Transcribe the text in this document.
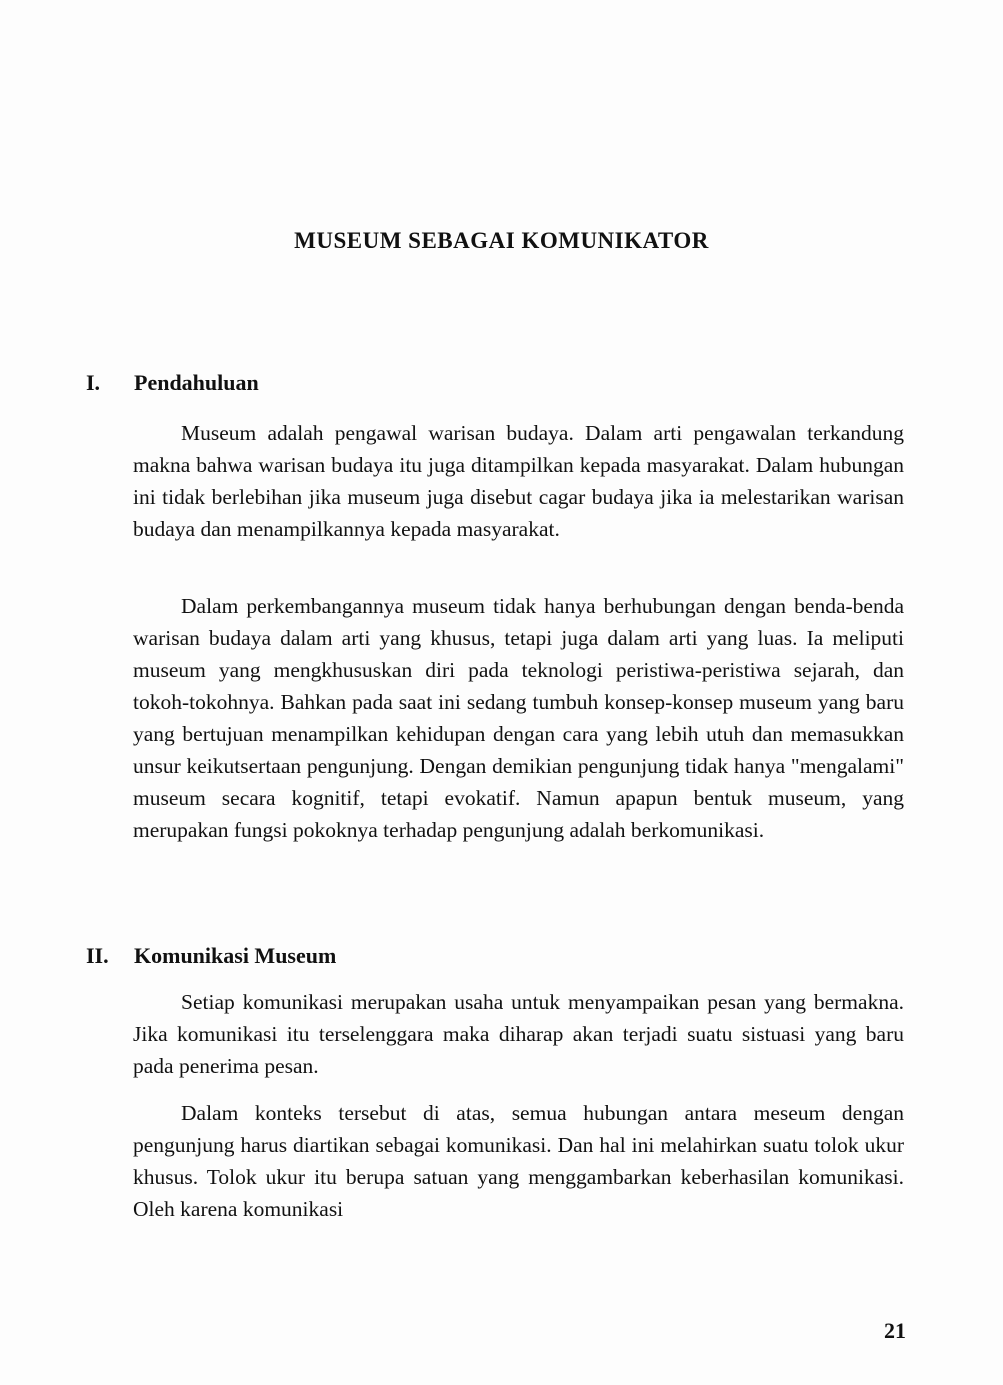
MUSEUM SEBAGAI KOMUNIKATOR
I. Pendahuluan

Museum adalah pengawal warisan budaya. Dalam arti pengawalan terkandung makna bahwa warisan budaya itu juga ditampilkan kepada masyarakat. Dalam hubungan ini tidak berlebihan jika museum juga disebut cagar budaya jika ia melestarikan warisan budaya dan menampilkannya kepada masyarakat.

Dalam perkembangannya museum tidak hanya berhubungan dengan benda-benda warisan budaya dalam arti yang khusus, tetapi juga dalam arti yang luas. Ia meliputi museum yang mengkhususkan diri pada teknologi peristiwa-peristiwa sejarah, dan tokoh-tokohnya. Bahkan pada saat ini sedang tumbuh konsep-konsep museum yang baru yang bertujuan menampilkan kehidupan dengan cara yang lebih utuh dan memasukkan unsur keikutsertaan pengunjung. Dengan demikian pengunjung tidak hanya "mengalami" museum secara kognitif, tetapi evokatif. Namun apapun bentuk museum, yang merupakan fungsi pokoknya terhadap pengunjung adalah berkomunikasi.

II. Komunikasi Museum

Setiap komunikasi merupakan usaha untuk menyampaikan pesan yang bermakna. Jika komunikasi itu terselenggara maka diharap akan terjadi suatu sistuasi yang baru pada penerima pesan.

Dalam konteks tersebut di atas, semua hubungan antara meseum dengan pengunjung harus diartikan sebagai komunikasi. Dan hal ini melahirkan suatu tolok ukur khusus. Tolok ukur itu berupa satuan yang menggambarkan keberhasilan komunikasi. Oleh karena komunikasi

21
